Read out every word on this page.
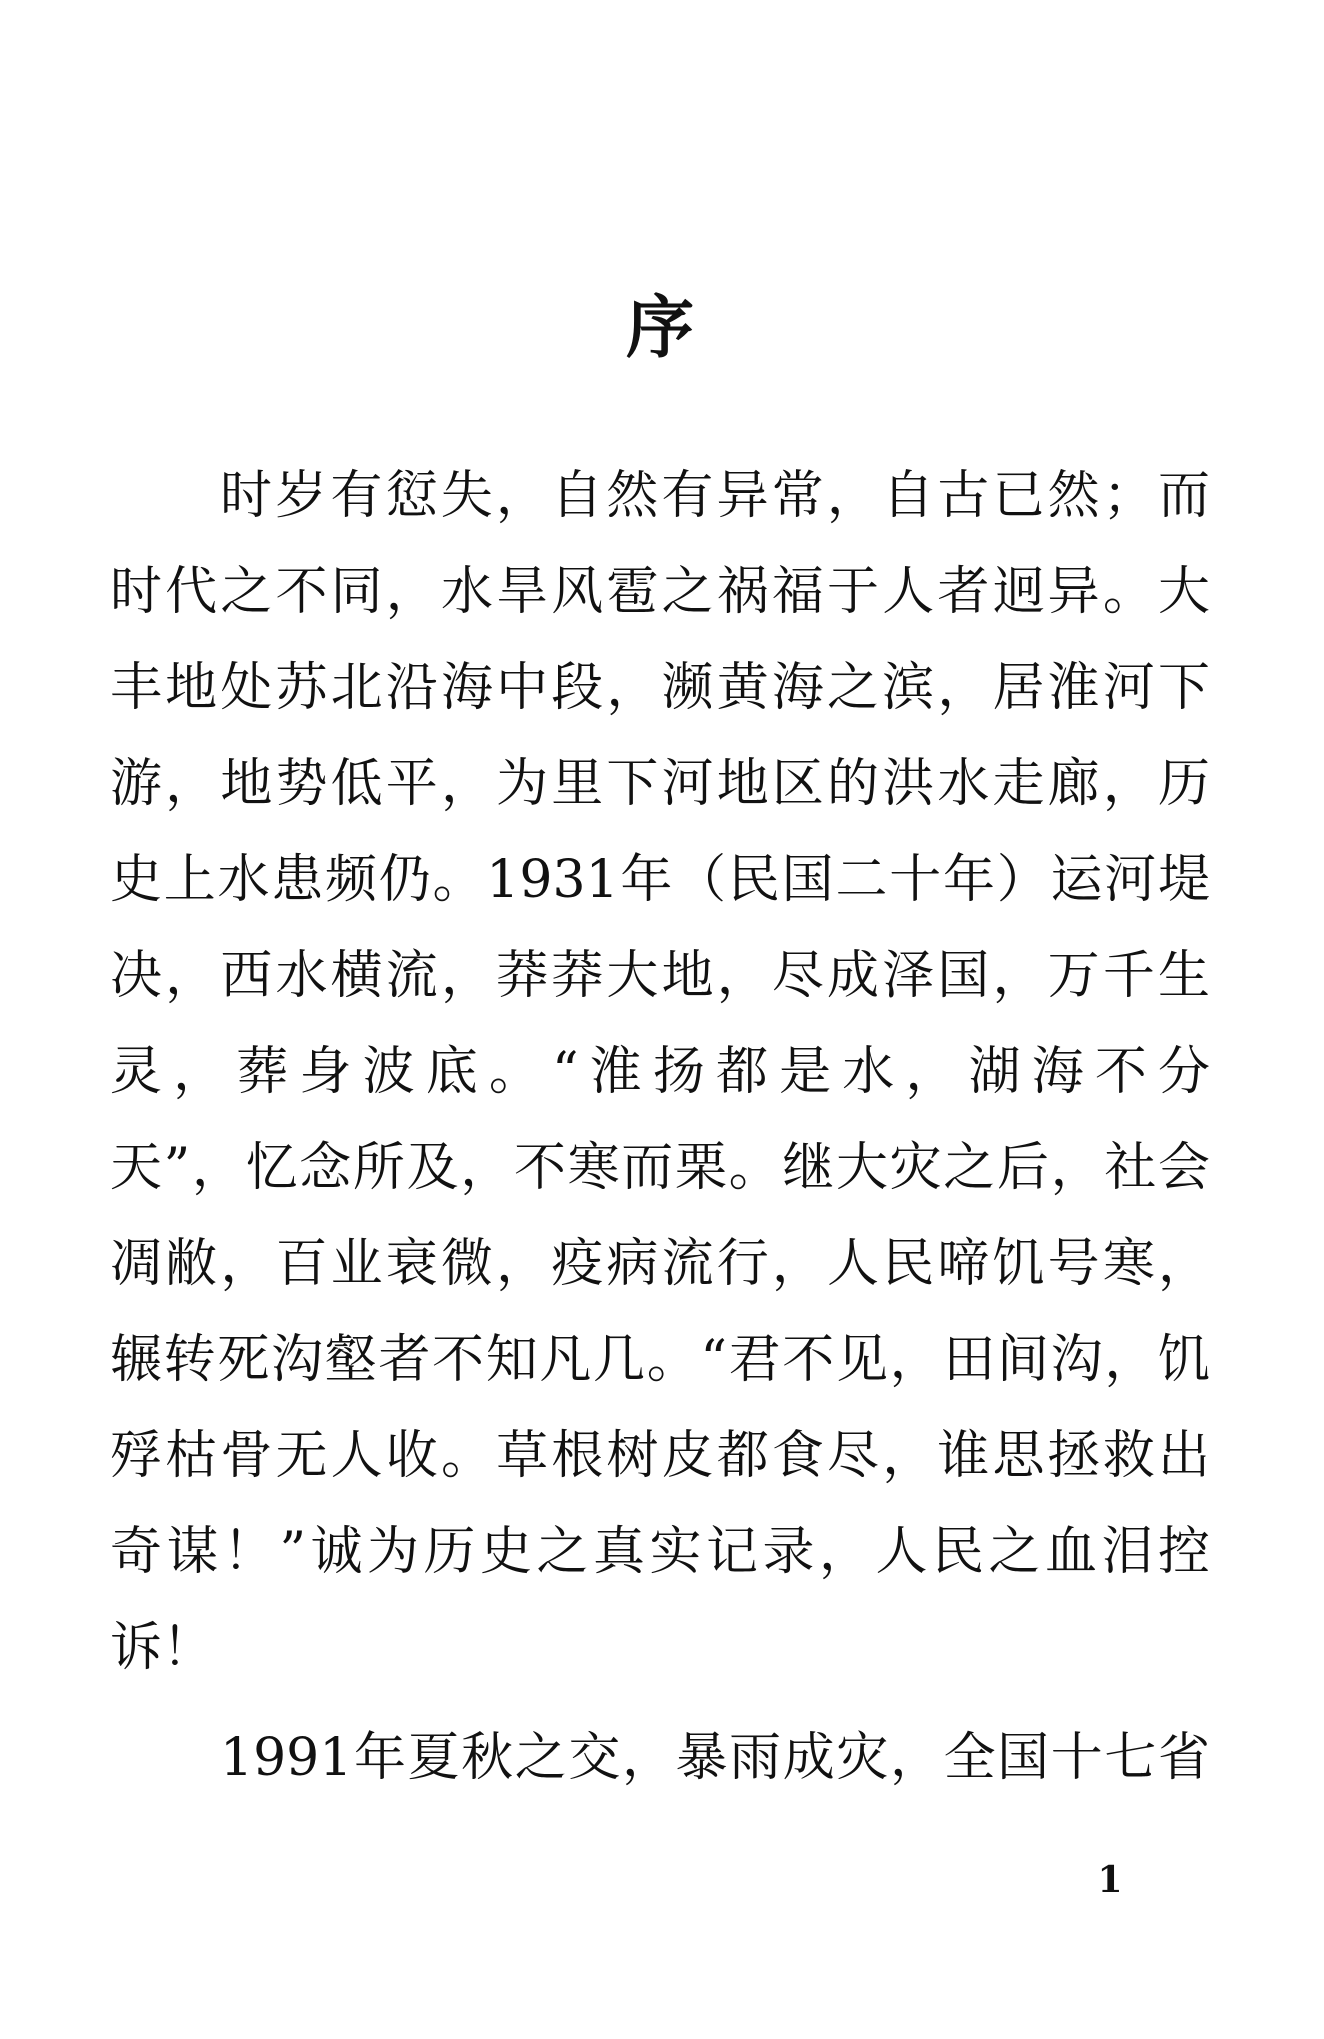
序
时岁有愆失，自然有异常，自古已然；而
时代之不同，水旱风雹之祸福于人者迥异。大
丰地处苏北沿海中段，濒黄海之滨，居淮河下
游，地势低平，为里下河地区的洪水走廊，历
史上水患频仍。1931年（民国二十年）运河堤
决，西水横流，莽莽大地，尽成泽国，万千生
灵，葬身波底。“淮扬都是水，湖海不分
天”，忆念所及，不寒而栗。继大灾之后，社会
凋敝，百业衰微，疫病流行，人民啼饥号寒，
辗转死沟壑者不知凡几。“君不见，田间沟，饥
殍枯骨无人收。草根树皮都食尽，谁思拯救出
奇谋！”诚为历史之真实记录，人民之血泪控
诉！
1991年夏秋之交，暴雨成灾，全国十七省
1
